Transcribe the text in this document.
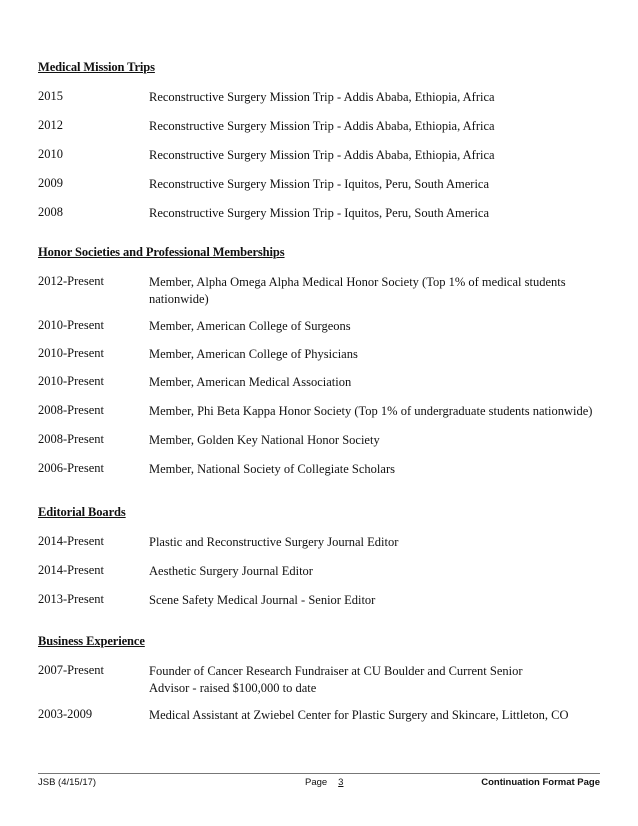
Medical Mission Trips
2015	Reconstructive Surgery Mission Trip - Addis Ababa, Ethiopia, Africa
2012	Reconstructive Surgery Mission Trip - Addis Ababa, Ethiopia, Africa
2010	Reconstructive Surgery Mission Trip - Addis Ababa, Ethiopia, Africa
2009	Reconstructive Surgery Mission Trip - Iquitos, Peru, South America
2008	Reconstructive Surgery Mission Trip - Iquitos, Peru, South America
Honor Societies and Professional Memberships
2012-Present	Member, Alpha Omega Alpha Medical Honor Society (Top 1% of medical students nationwide)
2010-Present	Member, American College of Surgeons
2010-Present	Member, American College of Physicians
2010-Present	Member, American Medical Association
2008-Present	Member, Phi Beta Kappa Honor Society (Top 1% of undergraduate students nationwide)
2008-Present	Member, Golden Key National Honor Society
2006-Present	Member, National Society of Collegiate Scholars
Editorial Boards
2014-Present	Plastic and Reconstructive Surgery Journal Editor
2014-Present	Aesthetic Surgery Journal Editor
2013-Present	Scene Safety Medical Journal - Senior Editor
Business Experience
2007-Present	Founder of Cancer Research Fundraiser at CU Boulder and Current Senior Advisor - raised $100,000 to date
2003-2009	Medical Assistant at Zwiebel Center for Plastic Surgery and Skincare, Littleton, CO
JSB (4/15/17)	Page 3	Continuation Format Page
